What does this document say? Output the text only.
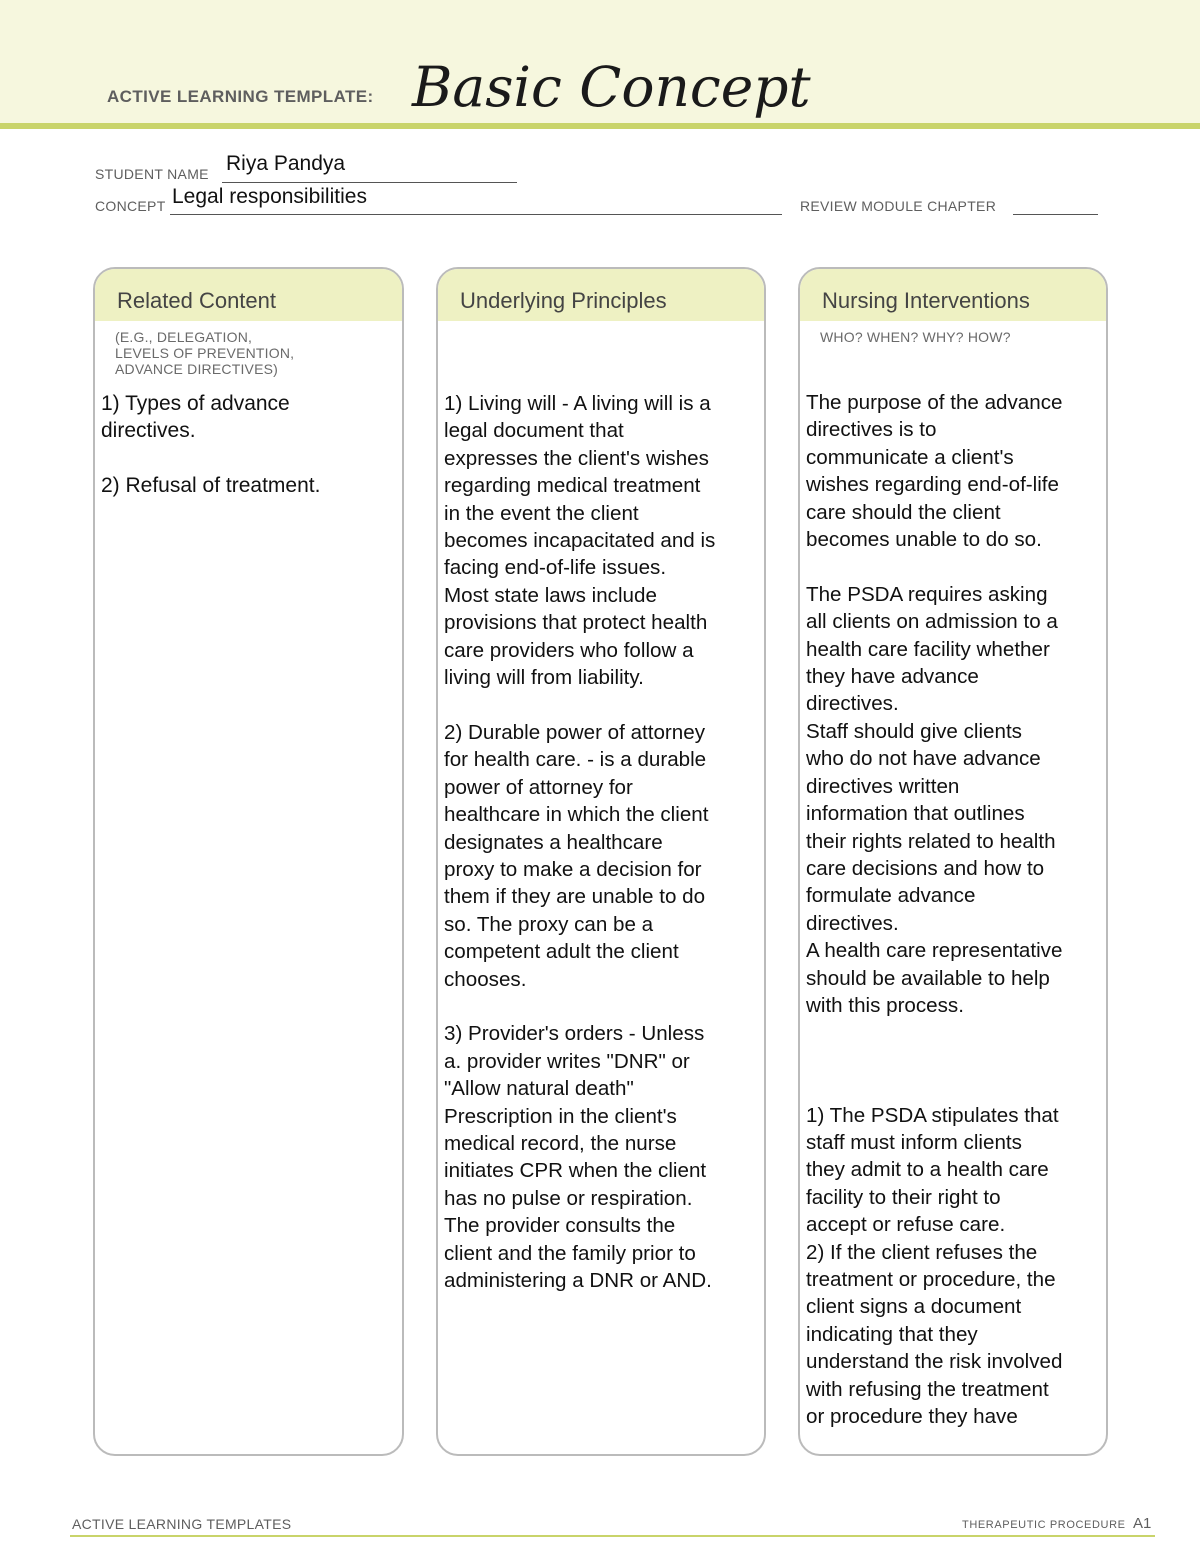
ACTIVE LEARNING TEMPLATE: Basic Concept
STUDENT NAME Riya Pandya
CONCEPT Legal responsibilities	REVIEW MODULE CHAPTER
Related Content
(E.G., DELEGATION,
LEVELS OF PREVENTION,
ADVANCE DIRECTIVES)
1) Types of advance
directives.

2) Refusal of treatment.
Underlying Principles
1) Living will - A living will is a
legal document that
expresses the client's wishes
regarding medical treatment
in the event the client
becomes incapacitated and is
facing end-of-life issues.
Most state laws include
provisions that protect health
care providers who follow a
living will from liability.

2) Durable power of attorney
for health care. - is a durable
power of attorney for
healthcare in which the client
designates a healthcare
proxy to make a decision for
them if they are unable to do
so. The proxy can be a
competent adult the client
chooses.

3) Provider's orders - Unless
a. provider writes "DNR" or
"Allow natural death"
Prescription in the client's
medical record, the nurse
initiates CPR when the client
has no pulse or respiration.
The provider consults the
client and the family prior to
administering a DNR or AND.
Nursing Interventions
WHO? WHEN? WHY? HOW?
The purpose of the advance
directives is to
communicate a client's
wishes regarding end-of-life
care should the client
becomes unable to do so.

The PSDA requires asking
all clients on admission to a
health care facility whether
they have advance
directives.
Staff should give clients
who do not have advance
directives written
information that outlines
their rights related to health
care decisions and how to
formulate advance
directives.
A health care representative
should be available to help
with this process.

1) The PSDA stipulates that
staff must inform clients
they admit to a health care
facility to their right to
accept or refuse care.
2) If the client refuses the
treatment or procedure, the
client signs a document
indicating that they
understand the risk involved
with refusing the treatment
or procedure they have
ACTIVE LEARNING TEMPLATES	THERAPEUTIC PROCEDURE A1
